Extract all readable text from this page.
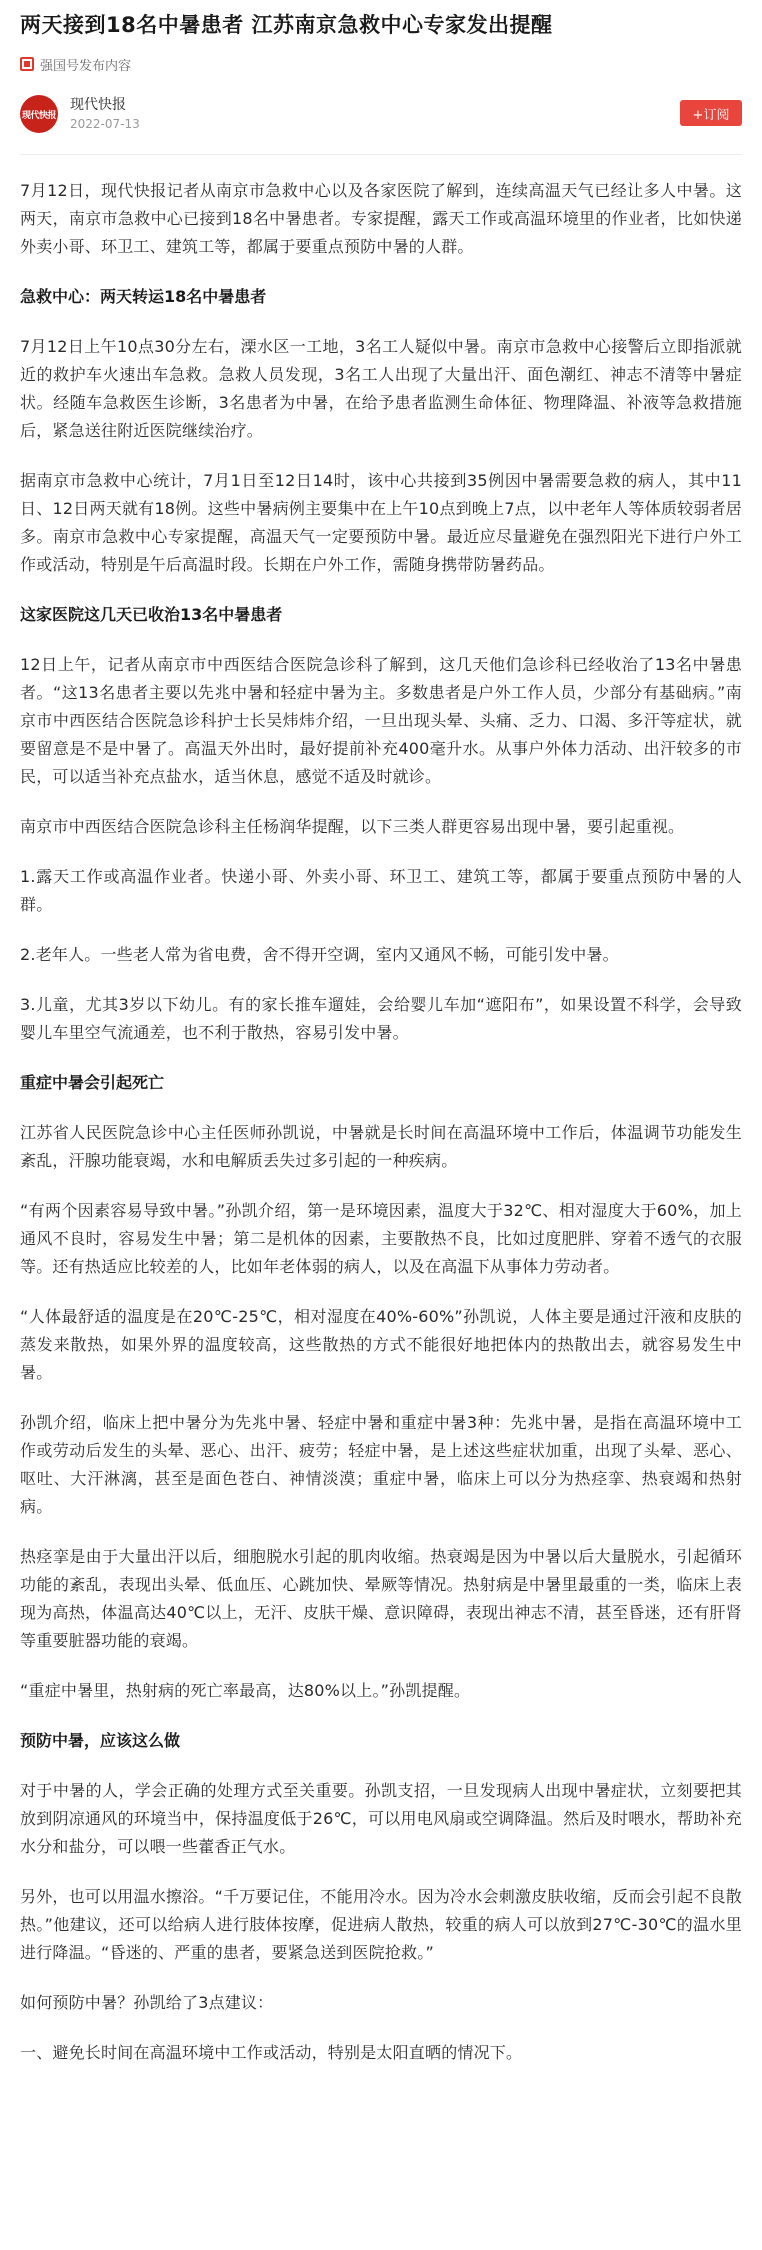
两天接到18名中暑患者 江苏南京急救中心专家发出提醒
强国号发布内容
现代快报
现代快报
2022-07-13
+订阅

7月12日，现代快报记者从南京市急救中心以及各家医院了解到，连续高温天气已经让多人中暑。这两天，南京市急救中心已接到18名中暑患者。专家提醒，露天工作或高温环境里的作业者，比如快递外卖小哥、环卫工、建筑工等，都属于要重点预防中暑的人群。

急救中心：两天转运18名中暑患者

7月12日上午10点30分左右，溧水区一工地，3名工人疑似中暑。南京市急救中心接警后立即指派就近的救护车火速出车急救。急救人员发现，3名工人出现了大量出汗、面色潮红、神志不清等中暑症状。经随车急救医生诊断，3名患者为中暑，在给予患者监测生命体征、物理降温、补液等急救措施后，紧急送往附近医院继续治疗。

据南京市急救中心统计，7月1日至12日14时，该中心共接到35例因中暑需要急救的病人，其中11日、12日两天就有18例。这些中暑病例主要集中在上午10点到晚上7点，以中老年人等体质较弱者居多。南京市急救中心专家提醒，高温天气一定要预防中暑。最近应尽量避免在强烈阳光下进行户外工作或活动，特别是午后高温时段。长期在户外工作，需随身携带防暑药品。

这家医院这几天已收治13名中暑患者

12日上午，记者从南京市中西医结合医院急诊科了解到，这几天他们急诊科已经收治了13名中暑患者。“这13名患者主要以先兆中暑和轻症中暑为主。多数患者是户外工作人员，少部分有基础病。”南京市中西医结合医院急诊科护士长吴炜炜介绍，一旦出现头晕、头痛、乏力、口渴、多汗等症状，就要留意是不是中暑了。高温天外出时，最好提前补充400毫升水。从事户外体力活动、出汗较多的市民，可以适当补充点盐水，适当休息，感觉不适及时就诊。

南京市中西医结合医院急诊科主任杨润华提醒，以下三类人群更容易出现中暑，要引起重视。

1.露天工作或高温作业者。快递小哥、外卖小哥、环卫工、建筑工等，都属于要重点预防中暑的人群。

2.老年人。一些老人常为省电费，舍不得开空调，室内又通风不畅，可能引发中暑。

3.儿童，尤其3岁以下幼儿。有的家长推车遛娃，会给婴儿车加“遮阳布”，如果设置不科学，会导致婴儿车里空气流通差，也不利于散热，容易引发中暑。

重症中暑会引起死亡

江苏省人民医院急诊中心主任医师孙凯说，中暑就是长时间在高温环境中工作后，体温调节功能发生紊乱，汗腺功能衰竭，水和电解质丢失过多引起的一种疾病。

“有两个因素容易导致中暑。”孙凯介绍，第一是环境因素，温度大于32℃、相对湿度大于60%，加上通风不良时，容易发生中暑；第二是机体的因素，主要散热不良，比如过度肥胖、穿着不透气的衣服等。还有热适应比较差的人，比如年老体弱的病人，以及在高温下从事体力劳动者。

“人体最舒适的温度是在20℃-25℃，相对湿度在40%-60%”孙凯说，人体主要是通过汗液和皮肤的蒸发来散热，如果外界的温度较高，这些散热的方式不能很好地把体内的热散出去，就容易发生中暑。

孙凯介绍，临床上把中暑分为先兆中暑、轻症中暑和重症中暑3种：先兆中暑，是指在高温环境中工作或劳动后发生的头晕、恶心、出汗、疲劳；轻症中暑，是上述这些症状加重，出现了头晕、恶心、呕吐、大汗淋漓，甚至是面色苍白、神情淡漠；重症中暑，临床上可以分为热痉挛、热衰竭和热射病。

热痉挛是由于大量出汗以后，细胞脱水引起的肌肉收缩。热衰竭是因为中暑以后大量脱水，引起循环功能的紊乱，表现出头晕、低血压、心跳加快、晕厥等情况。热射病是中暑里最重的一类，临床上表现为高热，体温高达40℃以上，无汗、皮肤干燥、意识障碍，表现出神志不清，甚至昏迷，还有肝肾等重要脏器功能的衰竭。

“重症中暑里，热射病的死亡率最高，达80%以上。”孙凯提醒。

预防中暑，应该这么做

对于中暑的人，学会正确的处理方式至关重要。孙凯支招，一旦发现病人出现中暑症状，立刻要把其放到阴凉通风的环境当中，保持温度低于26℃，可以用电风扇或空调降温。然后及时喂水，帮助补充水分和盐分，可以喂一些藿香正气水。

另外，也可以用温水擦浴。“千万要记住，不能用冷水。因为冷水会刺激皮肤收缩，反而会引起不良散热。”他建议，还可以给病人进行肢体按摩，促进病人散热，较重的病人可以放到27℃-30℃的温水里进行降温。“昏迷的、严重的患者，要紧急送到医院抢救。”

如何预防中暑？孙凯给了3点建议：

一、避免长时间在高温环境中工作或活动，特别是太阳直晒的情况下。
